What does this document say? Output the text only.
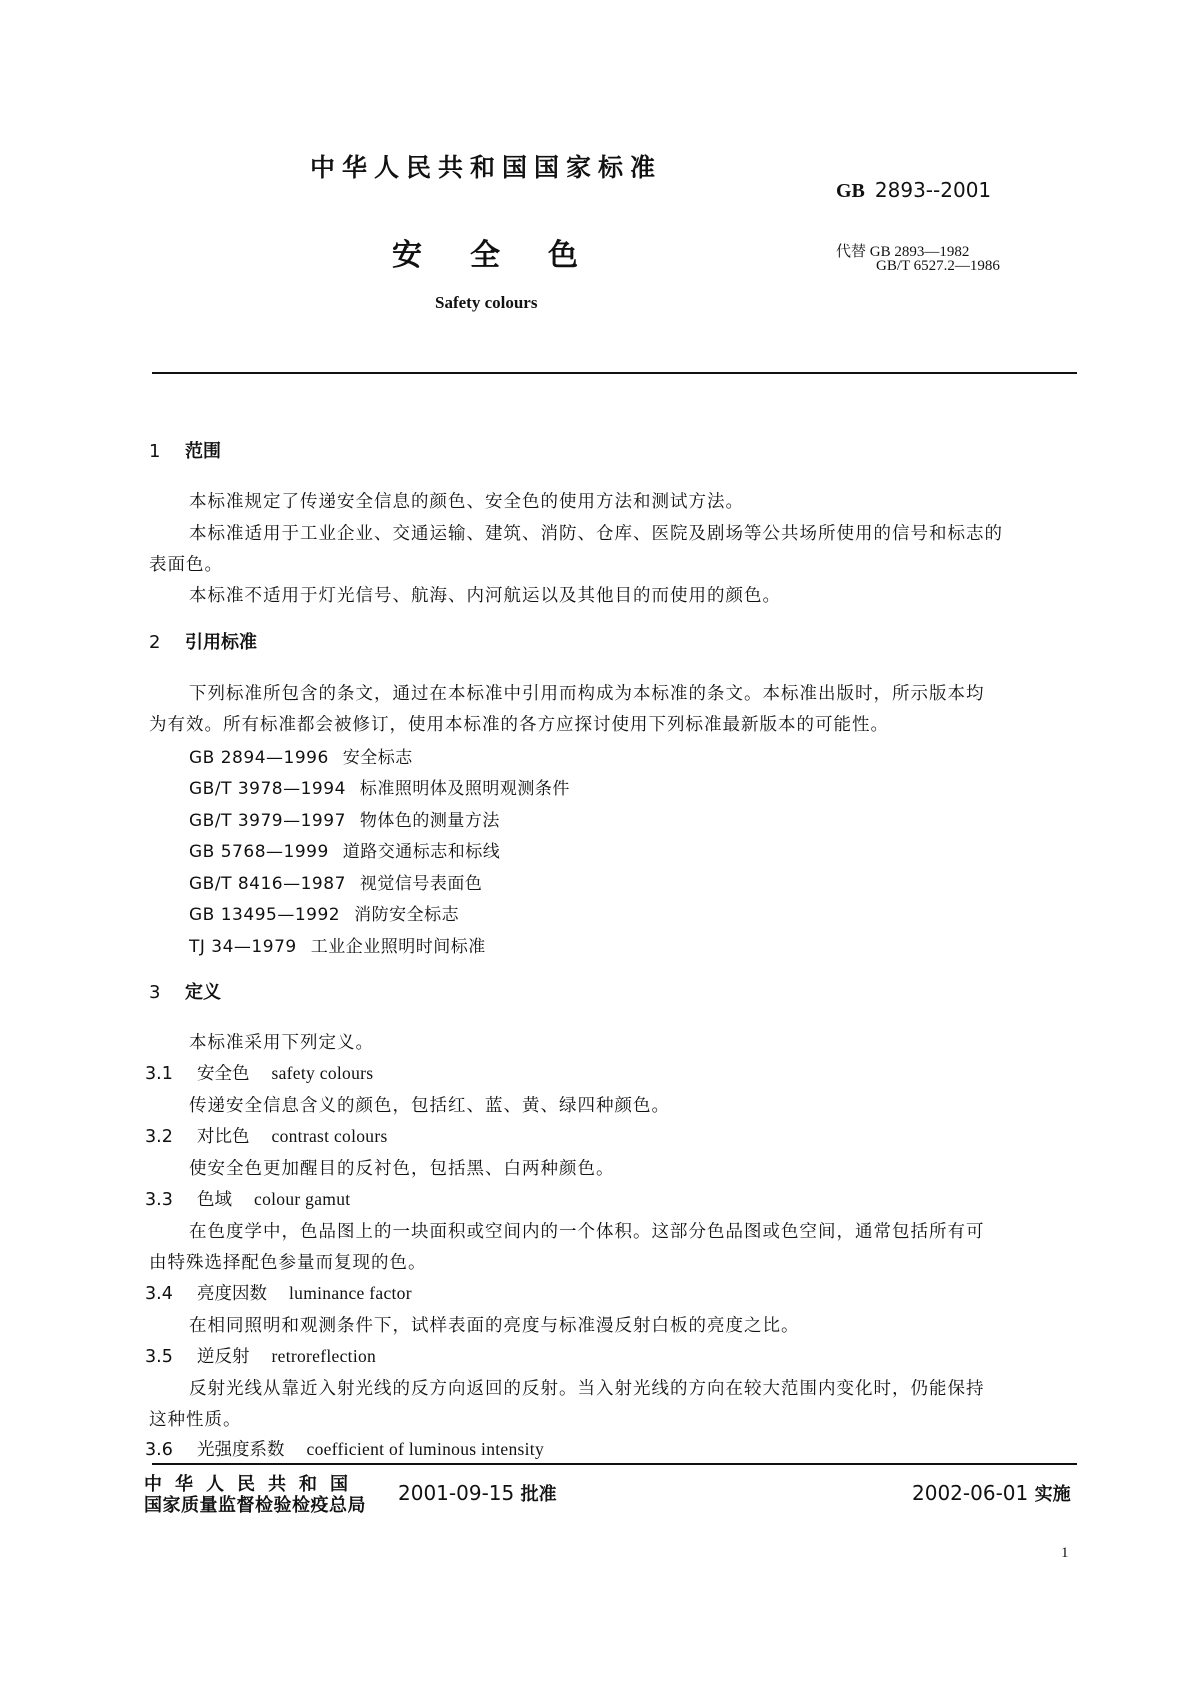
中华人民共和国国家标准
GB 2893--2001
安全色	代替 GB 2893—1982
GB/T 6527.2—1986
Safety colours
1 范围
本标准规定了传递安全信息的颜色、安全色的使用方法和测试方法。
本标准适用于工业企业、交通运输、建筑、消防、仓库、医院及剧场等公共场所使用的信号和标志的
表面色。
本标准不适用于灯光信号、航海、内河航运以及其他目的而使用的颜色。
2 引用标准
下列标准所包含的条文，通过在本标准中引用而构成为本标准的条文。本标准出版时，所示版本均
为有效。所有标准都会被修订，使用本标准的各方应探讨使用下列标准最新版本的可能性。
GB 2894—1996 安全标志
GB/T 3978—1994 标准照明体及照明观测条件
GB/T 3979—1997 物体色的测量方法
GB 5768—1999 道路交通标志和标线
GB/T 8416—1987 视觉信号表面色
GB 13495—1992 消防安全标志
TJ 34—1979 工业企业照明时间标准
3 定义
本标准采用下列定义。
3.1 安全色 safety colours
传递安全信息含义的颜色，包括红、蓝、黄、绿四种颜色。
3.2 对比色 contrast colours
使安全色更加醒目的反衬色，包括黑、白两种颜色。
3.3 色域 colour gamut
在色度学中，色品图上的一块面积或空间内的一个体积。这部分色品图或色空间，通常包括所有可
由特殊选择配色参量而复现的色。
3.4 亮度因数 luminance factor
在相同照明和观测条件下，试样表面的亮度与标准漫反射白板的亮度之比。
3.5 逆反射 retroreflection
反射光线从靠近入射光线的反方向返回的反射。当入射光线的方向在较大范围内变化时，仍能保持
这种性质。
3.6 光强度系数 coefficient of luminous intensity
中华人民共和国
国家质量监督检验检疫总局
2001-09-15 批准	2002-06-01 实施
1
